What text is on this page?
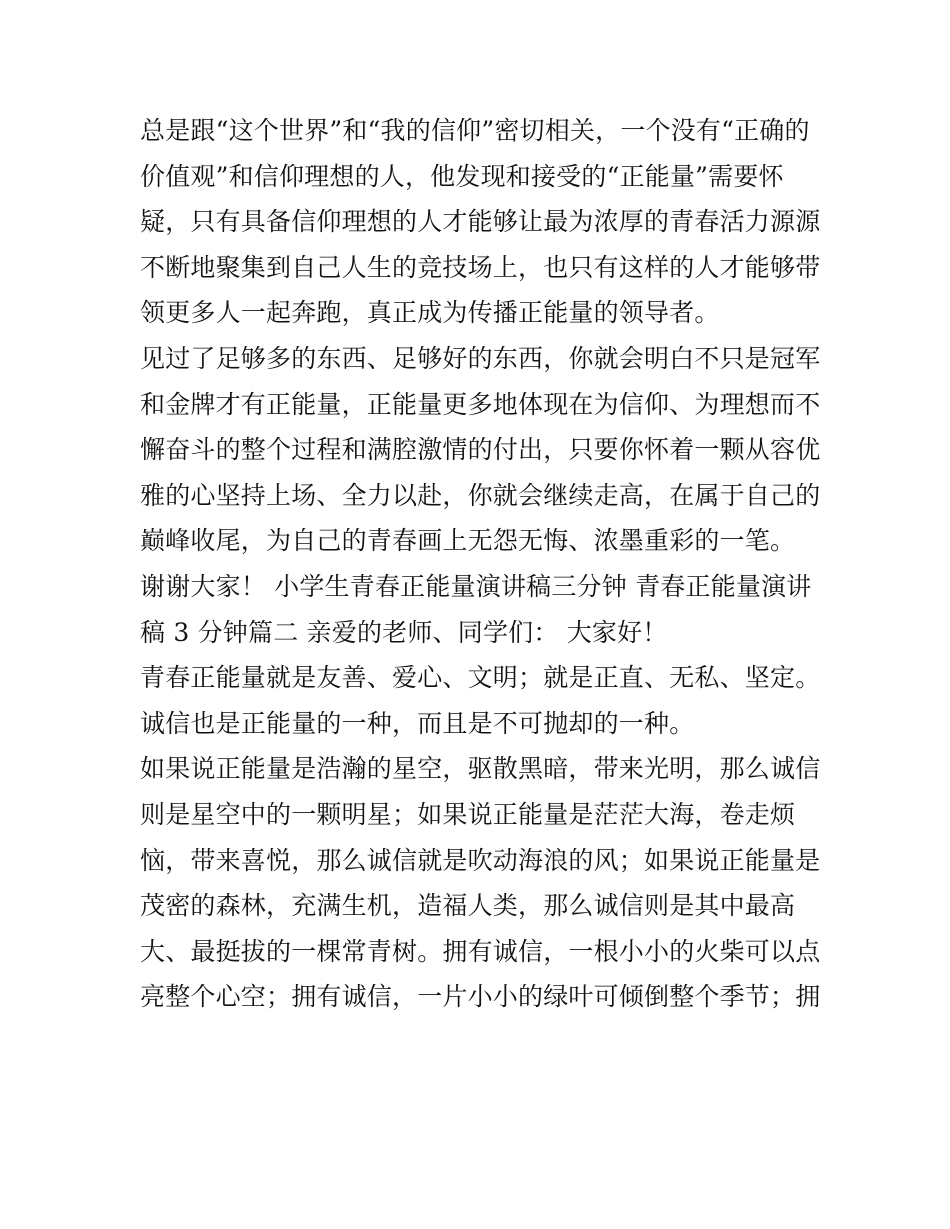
总是跟“这个世界”和“我的信仰”密切相关，一个没有“正确的
价值观”和信仰理想的人，他发现和接受的“正能量”需要怀
疑，只有具备信仰理想的人才能够让最为浓厚的青春活力源源
不断地聚集到自己人生的竞技场上，也只有这样的人才能够带
领更多人一起奔跑，真正成为传播正能量的领导者。
见过了足够多的东西、足够好的东西，你就会明白不只是冠军
和金牌才有正能量，正能量更多地体现在为信仰、为理想而不
懈奋斗的整个过程和满腔激情的付出，只要你怀着一颗从容优
雅的心坚持上场、全力以赴，你就会继续走高，在属于自己的
巅峰收尾，为自己的青春画上无怨无悔、浓墨重彩的一笔。
谢谢大家！ 小学生青春正能量演讲稿三分钟 青春正能量演讲
稿 3 分钟篇二 亲爱的老师、同学们： 大家好！
青春正能量就是友善、爱心、文明；就是正直、无私、坚定。
诚信也是正能量的一种，而且是不可抛却的一种。
如果说正能量是浩瀚的星空，驱散黑暗，带来光明，那么诚信
则是星空中的一颗明星；如果说正能量是茫茫大海，卷走烦
恼，带来喜悦，那么诚信就是吹动海浪的风；如果说正能量是
茂密的森林，充满生机，造福人类，那么诚信则是其中最高
大、最挺拔的一棵常青树。拥有诚信，一根小小的火柴可以点
亮整个心空；拥有诚信，一片小小的绿叶可倾倒整个季节；拥
